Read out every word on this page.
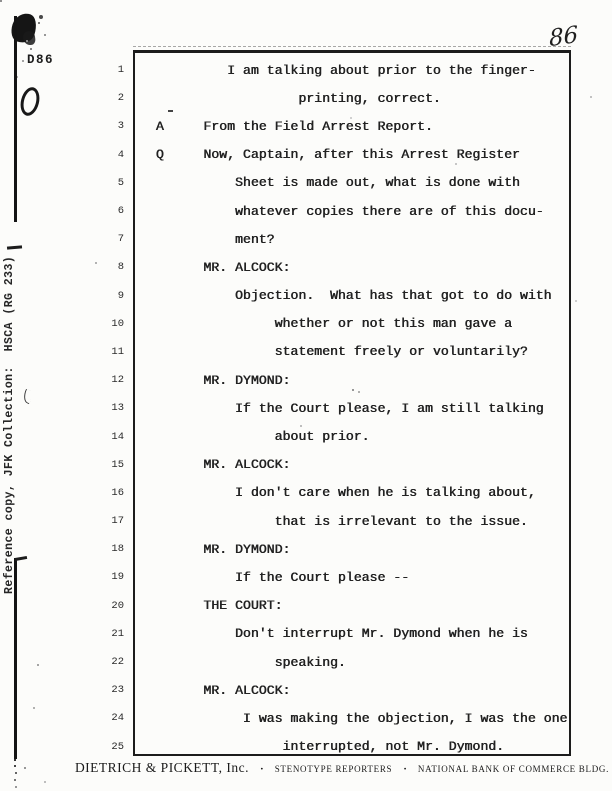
D86
Reference copy, JFK Collection:  HSCA (RG 233)
86
1	I am talking about prior to the finger-
2	printing, correct.
3	A     From the Field Arrest Report.
4	Q     Now, Captain, after this Arrest Register
5	Sheet is made out, what is done with
6	whatever copies there are of this docu-
7	ment?
8	MR. ALCOCK:
9	Objection.  What has that got to do with
10	whether or not this man gave a
11	statement freely or voluntarily?
12	MR. DYMOND:
13	If the Court please, I am still talking
14	about prior.
15	MR. ALCOCK:
16	I don't care when he is talking about,
17	that is irrelevant to the issue.
18	MR. DYMOND:
19	If the Court please --
20	THE COURT:
21	Don't interrupt Mr. Dymond when he is
22	speaking.
23	MR. ALCOCK:
24	I was making the objection, I was the one
25	interrupted, not Mr. Dymond.
DIETRICH & PICKETT, Inc. · STENOTYPE REPORTERS · NATIONAL BANK OF COMMERCE BLDG.
